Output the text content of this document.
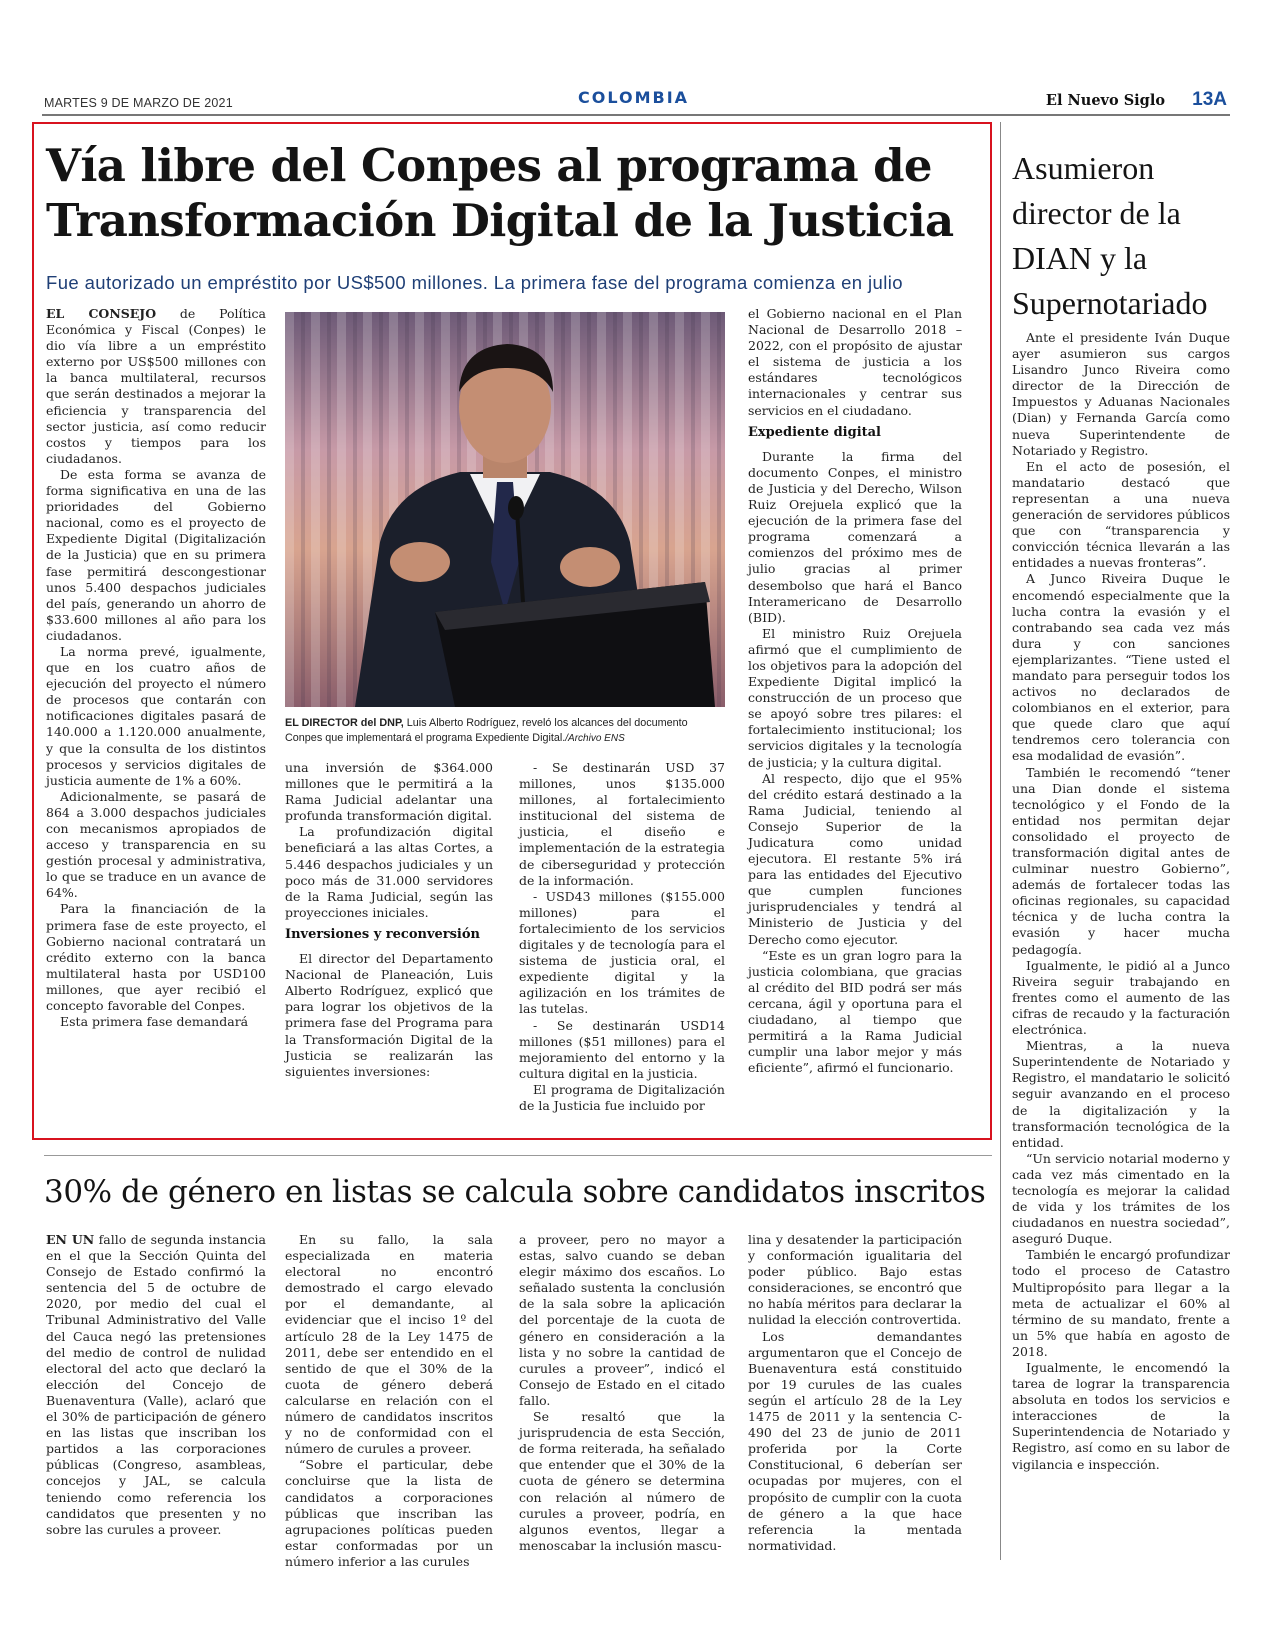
MARTES 9 DE MARZO DE 2021	COLOMBIA	El Nuevo Siglo 13A
Vía libre del Conpes al programa de Transformación Digital de la Justicia
Fue autorizado un empréstito por US$500 millones. La primera fase del programa comienza en julio

EL CONSEJO de Política Económica y Fiscal (Conpes) le dio vía libre a un empréstito externo por US$500 millones con la banca multilateral, recursos que serán destinados a mejorar la eficiencia y transparencia del sector justicia, así como reducir costos y tiempos para los ciudadanos.

De esta forma se avanza de forma significativa en una de las prioridades del Gobierno nacional, como es el proyecto de Expediente Digital (Digitalización de la Justicia) que en su primera fase permitirá descongestionar unos 5.400 despachos judiciales del país, generando un ahorro de $33.600 millones al año para los ciudadanos.

La norma prevé, igualmente, que en los cuatro años de ejecución del proyecto el número de procesos que contarán con notificaciones digitales pasará de 140.000 a 1.120.000 anualmente, y que la consulta de los distintos procesos y servicios digitales de justicia aumente de 1% a 60%.

Adicionalmente, se pasará de 864 a 3.000 despachos judiciales con mecanismos apropiados de acceso y transparencia en su gestión procesal y administrativa, lo que se traduce en un avance de 64%.

Para la financiación de la primera fase de este proyecto, el Gobierno nacional contratará un crédito externo con la banca multilateral hasta por USD100 millones, que ayer recibió el concepto favorable del Conpes.

Esta primera fase demandará

EL DIRECTOR del DNP, Luis Alberto Rodríguez, reveló los alcances del documento Conpes que implementará el programa Expediente Digital./Archivo ENS

una inversión de $364.000 millones que le permitirá a la Rama Judicial adelantar una profunda transformación digital.

La profundización digital beneficiará a las altas Cortes, a 5.446 despachos judiciales y un poco más de 31.000 servidores de la Rama Judicial, según las proyecciones iniciales.

Inversiones y reconversión

El director del Departamento Nacional de Planeación, Luis Alberto Rodríguez, explicó que para lograr los objetivos de la primera fase del Programa para la Transformación Digital de la Justicia se realizarán las siguientes inversiones:

- Se destinarán USD 37 millones, unos $135.000 millones, al fortalecimiento institucional del sistema de justicia, el diseño e implementación de la estrategia de ciberseguridad y protección de la información.

- USD43 millones ($155.000 millones) para el fortalecimiento de los servicios digitales y de tecnología para el sistema de justicia oral, el expediente digital y la agilización en los trámites de las tutelas.

- Se destinarán USD14 millones ($51 millones) para el mejoramiento del entorno y la cultura digital en la justicia.

El programa de Digitalización de la Justicia fue incluido por

el Gobierno nacional en el Plan Nacional de Desarrollo 2018 – 2022, con el propósito de ajustar el sistema de justicia a los estándares tecnológicos internacionales y centrar sus servicios en el ciudadano.

Expediente digital

Durante la firma del documento Conpes, el ministro de Justicia y del Derecho, Wilson Ruiz Orejuela explicó que la ejecución de la primera fase del programa comenzará a comienzos del próximo mes de julio gracias al primer desembolso que hará el Banco Interamericano de Desarrollo (BID).

El ministro Ruiz Orejuela afirmó que el cumplimiento de los objetivos para la adopción del Expediente Digital implicó la construcción de un proceso que se apoyó sobre tres pilares: el fortalecimiento institucional; los servicios digitales y la tecnología de justicia; y la cultura digital.

Al respecto, dijo que el 95% del crédito estará destinado a la Rama Judicial, teniendo al Consejo Superior de la Judicatura como unidad ejecutora. El restante 5% irá para las entidades del Ejecutivo que cumplen funciones jurisprudenciales y tendrá al Ministerio de Justicia y del Derecho como ejecutor.

“Este es un gran logro para la justicia colombiana, que gracias al crédito del BID podrá ser más cercana, ágil y oportuna para el ciudadano, al tiempo que permitirá a la Rama Judicial cumplir una labor mejor y más eficiente”, afirmó el funcionario.

Asumieron director de la DIAN y la Supernotariado

Ante el presidente Iván Duque ayer asumieron sus cargos Lisandro Junco Riveira como director de la Dirección de Impuestos y Aduanas Nacionales (Dian) y Fernanda García como nueva Superintendente de Notariado y Registro.

En el acto de posesión, el mandatario destacó que representan a una nueva generación de servidores públicos que con “transparencia y convicción técnica llevarán a las entidades a nuevas fronteras”.

A Junco Riveira Duque le encomendó especialmente que la lucha contra la evasión y el contrabando sea cada vez más dura y con sanciones ejemplarizantes. “Tiene usted el mandato para perseguir todos los activos no declarados de colombianos en el exterior, para que quede claro que aquí tendremos cero tolerancia con esa modalidad de evasión”.

También le recomendó “tener una Dian donde el sistema tecnológico y el Fondo de la entidad nos permitan dejar consolidado el proyecto de transformación digital antes de culminar nuestro Gobierno”, además de fortalecer todas las oficinas regionales, su capacidad técnica y de lucha contra la evasión y hacer mucha pedagogía.

Igualmente, le pidió al a Junco Riveira seguir trabajando en frentes como el aumento de las cifras de recaudo y la facturación electrónica.

Mientras, a la nueva Superintendente de Notariado y Registro, el mandatario le solicitó seguir avanzando en el proceso de la digitalización y la transformación tecnológica de la entidad.

“Un servicio notarial moderno y cada vez más cimentado en la tecnología es mejorar la calidad de vida y los trámites de los ciudadanos en nuestra sociedad”, aseguró Duque.

También le encargó profundizar todo el proceso de Catastro Multipropósito para llegar a la meta de actualizar el 60% al término de su mandato, frente a un 5% que había en agosto de 2018.

Igualmente, le encomendó la tarea de lograr la transparencia absoluta en todos los servicios e interacciones de la Superintendencia de Notariado y Registro, así como en su labor de vigilancia e inspección.

30% de género en listas se calcula sobre candidatos inscritos

EN UN fallo de segunda instancia en el que la Sección Quinta del Consejo de Estado confirmó la sentencia del 5 de octubre de 2020, por medio del cual el Tribunal Administrativo del Valle del Cauca negó las pretensiones del medio de control de nulidad electoral del acto que declaró la elección del Concejo de Buenaventura (Valle), aclaró que el 30% de participación de género en las listas que inscriban los partidos a las corporaciones públicas (Congreso, asambleas, concejos y JAL, se calcula teniendo como referencia los candidatos que presenten y no sobre las curules a proveer.

En su fallo, la sala especializada en materia electoral no encontró demostrado el cargo elevado por el demandante, al evidenciar que el inciso 1º del artículo 28 de la Ley 1475 de 2011, debe ser entendido en el sentido de que el 30% de la cuota de género deberá calcularse en relación con el número de candidatos inscritos y no de conformidad con el número de curules a proveer.

“Sobre el particular, debe concluirse que la lista de candidatos a corporaciones públicas que inscriban las agrupaciones políticas pueden estar conformadas por un número inferior a las curules

a proveer, pero no mayor a estas, salvo cuando se deban elegir máximo dos escaños. Lo señalado sustenta la conclusión de la sala sobre la aplicación del porcentaje de la cuota de género en consideración a la lista y no sobre la cantidad de curules a proveer”, indicó el Consejo de Estado en el citado fallo.

Se resaltó que la jurisprudencia de esta Sección, de forma reiterada, ha señalado que entender que el 30% de la cuota de género se determina con relación al número de curules a proveer, podría, en algunos eventos, llegar a menoscabar la inclusión mascu-

lina y desatender la participación y conformación igualitaria del poder público. Bajo estas consideraciones, se encontró que no había méritos para declarar la nulidad la elección controvertida.

Los demandantes argumentaron que el Concejo de Buenaventura está constituido por 19 curules de las cuales según el artículo 28 de la Ley 1475 de 2011 y la sentencia C-490 del 23 de junio de 2011 proferida por la Corte Constitucional, 6 deberían ser ocupadas por mujeres, con el propósito de cumplir con la cuota de género a la que hace referencia la mentada normatividad.
